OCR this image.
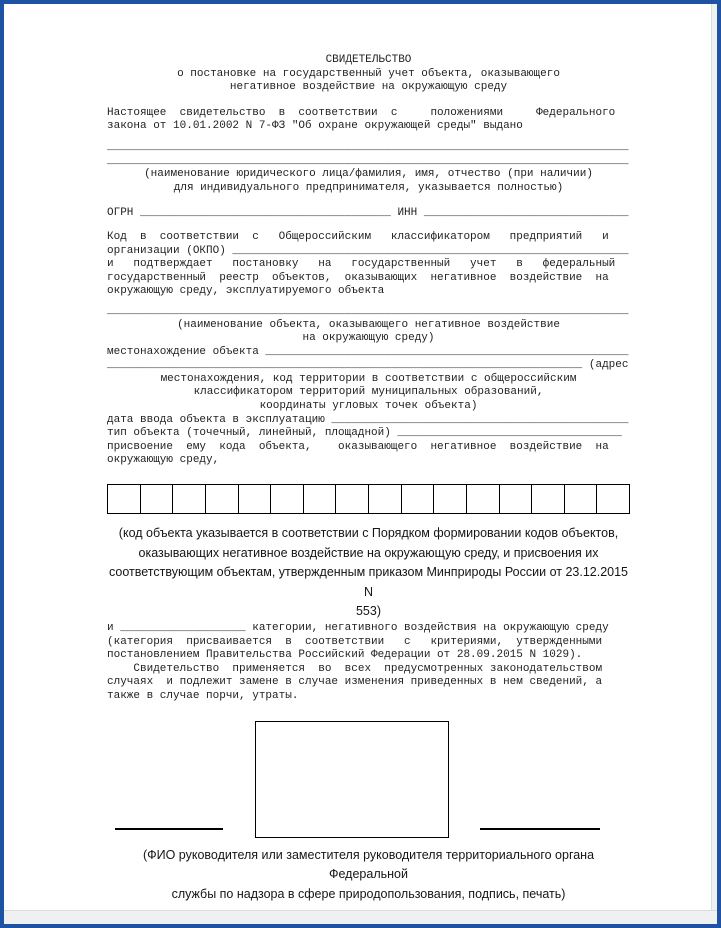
СВИДЕТЕЛЬСТВО
о постановке на государственный учет объекта, оказывающего
негативное воздействие на окружающую среду
Настоящее  свидетельство  в  соответствии  с     положениями     Федерального
закона от 10.01.2002 N 7-ФЗ "Об охране окружающей среды" выдано
_______________________________________________________________________________
_______________________________________________________________________________
(наименование юридического лица/фамилия, имя, отчество (при наличии)
для индивидуального предпринимателя, указывается полностью)
ОГРН ______________________________________ ИНН _______________________________
Код  в  соответствии  с   Общероссийским   классификатором   предприятий   и
организации (ОКПО) ____________________________________________________________
и   подтверждает   постановку   на   государственный   учет   в   федеральный
государственный  реестр  объектов,  оказывающих  негативное  воздействие  на
окружающую среду, эксплуатируемого объекта
_______________________________________________________________________________
(наименование объекта, оказывающего негативное воздействие
на окружающую среду)
местонахождение объекта _______________________________________________________
________________________________________________________________________ (адрес
местонахождения, код территории в соответствии с общероссийским
классификатором территорий муниципальных образований,
координаты угловых точек объекта)
дата ввода объекта в эксплуатацию _____________________________________________
тип объекта (точечный, линейный, площадной) __________________________________
присвоение  ему  кода  объекта,    оказывающего  негативное  воздействие  на
окружающую среду,
(код объекта указывается в соответствии с Порядком формировании кодов объектов,
оказывающих негативное воздействие на окружающую среду, и присвоения их
соответствующим объектам, утвержденным приказом Минприроды России от 23.12.2015 N
553)
и ___________________ категории, негативного воздействия на окружающую среду
(категория  присваивается  в  соответствии   с   критериями,  утвержденными
постановлением Правительства Российский Федерации от 28.09.2015 N 1029).
Свидетельство  применяется  во  всех  предусмотренных законодательством
случаях  и подлежит замене в случае изменения приведенных в нем сведений, а
также в случае порчи, утраты.
(ФИО руководителя или заместителя руководителя территориального органа Федеральной
службы по надзора в сфере природопользования, подпись, печать)
